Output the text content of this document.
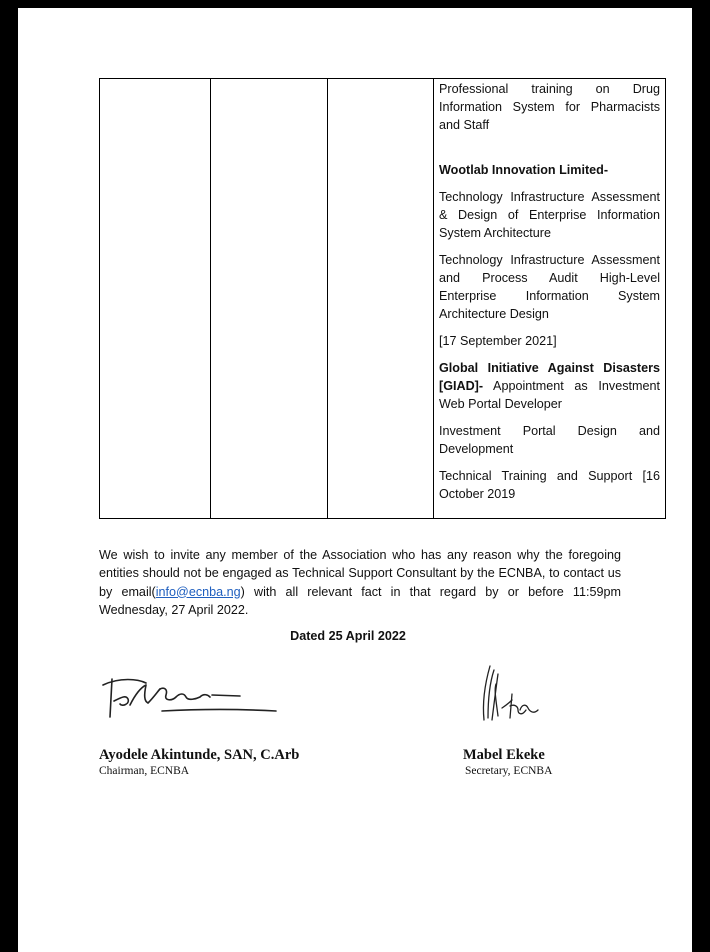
Professional training on Drug Information System for Pharmacists and Staff

Wootlab Innovation Limited-

Technology Infrastructure Assessment & Design of Enterprise Information System Architecture

Technology Infrastructure Assessment and Process Audit High-Level Enterprise Information System Architecture Design

[17 September 2021]

Global Initiative Against Disasters [GIAD]- Appointment as Investment Web Portal Developer

Investment Portal Design and Development

Technical Training and Support [16 October 2019

We wish to invite any member of the Association who has any reason why the foregoing entities should not be engaged as Technical Support Consultant by the ECNBA, to contact us by email(info@ecnba.ng) with all relevant fact in that regard by or before 11:59pm Wednesday, 27 April 2022.

Dated 25 April 2022

Ayodele Akintunde, SAN, C.Arb

Chairman, ECNBA

Mabel Ekeke

Secretary, ECNBA
